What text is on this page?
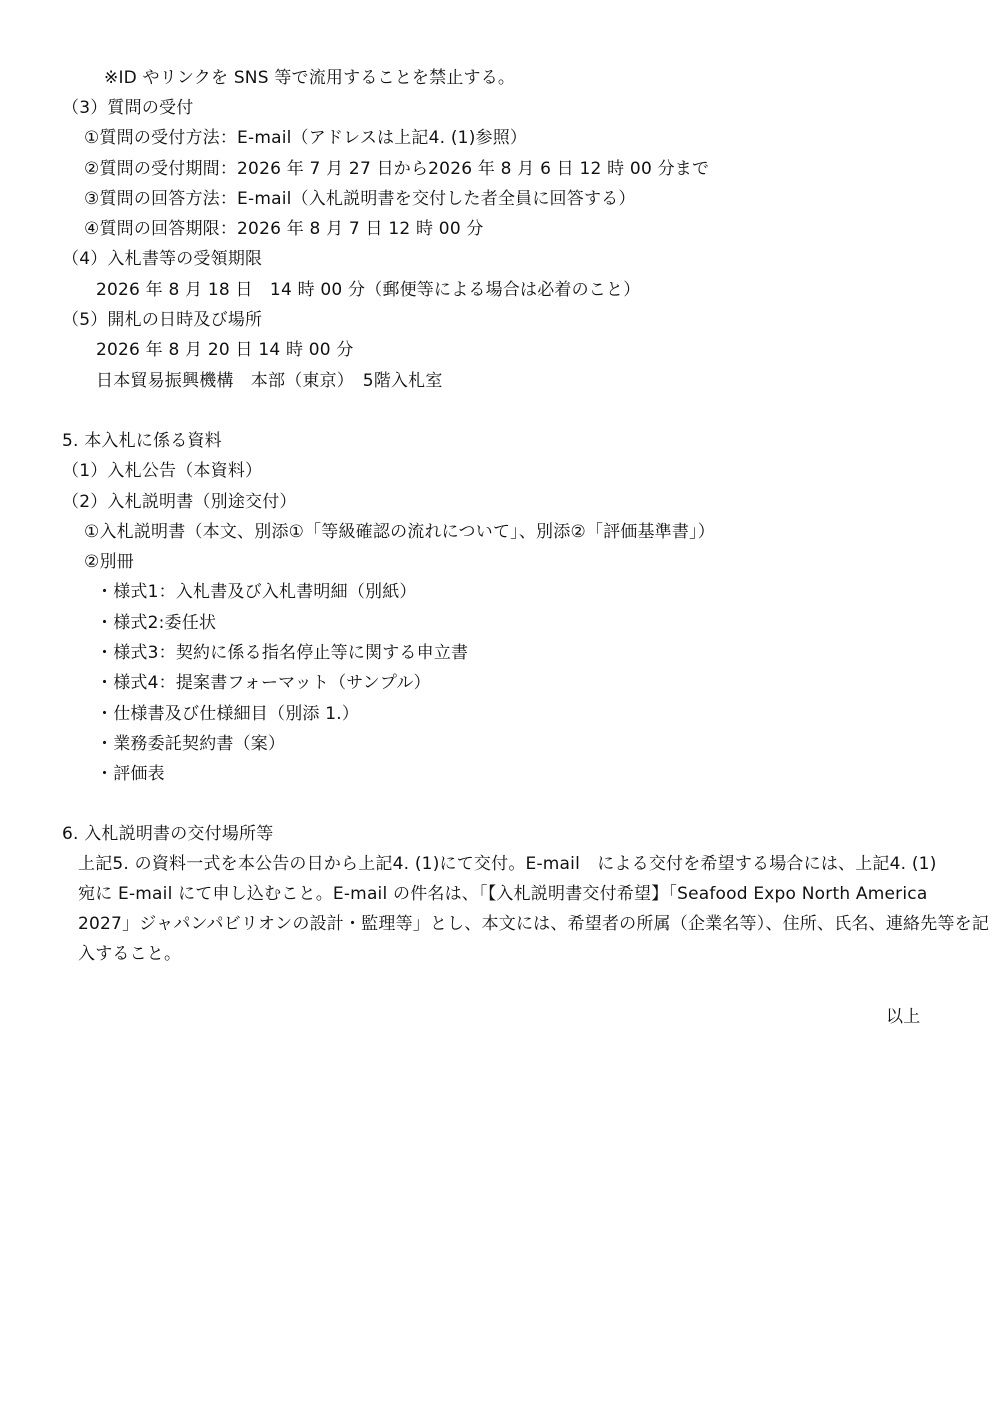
※ID やリンクを SNS 等で流用することを禁止する。
（3）質問の受付
①質問の受付方法：E-mail（アドレスは上記4. (1)参照）
②質問の受付期間：2026 年 7 月 27 日から2026 年 8 月 6 日 12 時 00 分まで
③質問の回答方法：E-mail（入札説明書を交付した者全員に回答する）
④質問の回答期限：2026 年 8 月 7 日 12 時 00 分
（4）入札書等の受領期限
2026 年 8 月 18 日　14 時 00 分（郵便等による場合は必着のこと）
（5）開札の日時及び場所
2026 年 8 月 20 日 14 時 00 分
日本貿易振興機構　本部（東京）　5階入札室
5. 本入札に係る資料
（1）入札公告（本資料）
（2）入札説明書（別途交付）
①入札説明書（本文、別添①「等級確認の流れについて」、別添②「評価基準書」）
②別冊
・様式1：入札書及び入札書明細（別紙）
・様式2:委任状
・様式3：契約に係る指名停止等に関する申立書
・様式4：提案書フォーマット（サンプル）
・仕様書及び仕様細目（別添 1.）
・業務委託契約書（案）
・評価表
6. 入札説明書の交付場所等
上記5. の資料一式を本公告の日から上記4. (1)にて交付。E-mail　による交付を希望する場合には、上記4. (1)
宛に E-mail にて申し込むこと。E-mail の件名は、「【入札説明書交付希望】「Seafood Expo North America
2027」ジャパンパビリオンの設計・監理等」とし、本文には、希望者の所属（企業名等）、住所、氏名、連絡先等を記
入すること。
以上
